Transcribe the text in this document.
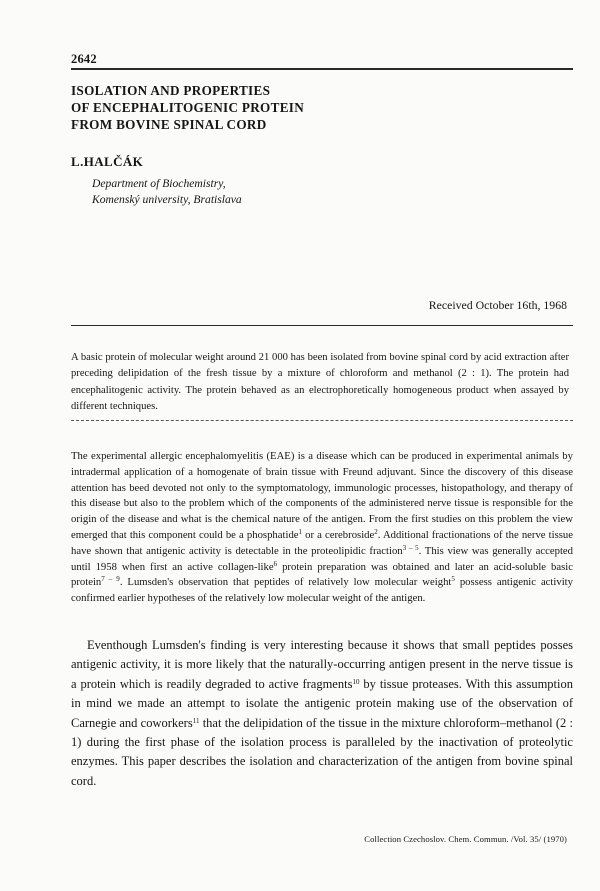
2642
ISOLATION AND PROPERTIES
OF ENCEPHALITOGENIC PROTEIN
FROM BOVINE SPINAL CORD
L.HALČÁK
Department of Biochemistry,
Komenský university, Bratislava
Received October 16th, 1968

A basic protein of molecular weight around 21 000 has been isolated from bovine spinal cord by acid extraction after preceding delipidation of the fresh tissue by a mixture of chloroform and methanol (2 : 1). The protein had encephalitogenic activity. The protein behaved as an electrophoretically homogeneous product when assayed by different techniques.

The experimental allergic encephalomyelitis (EAE) is a disease which can be produced in experimental animals by intradermal application of a homogenate of brain tissue with Freund adjuvant. Since the discovery of this disease attention has beed devoted not only to the symptomatology, immunologic processes, histopathology, and therapy of this disease but also to the problem which of the components of the administered nerve tissue is responsible for the origin of the disease and what is the chemical nature of the antigen. From the first studies on this problem the view emerged that this component could be a phosphatide$^1$ or a cerebroside$^2$. Additional fractionations of the nerve tissue have shown that antigenic activity is detectable in the proteolipidic fraction$^{3 - 5}$. This view was generally accepted until 1958 when first an active collagen-like$^6$ protein preparation was obtained and later an acid-soluble basic protein$^{7 - 9}$. Lumsden's observation that peptides of relatively low molecular weight$^5$ possess antigenic activity confirmed earlier hypotheses of the relatively low molecular weight of the antigen.

Eventhough Lumsden's finding is very interesting because it shows that small peptides posses antigenic activity, it is more likely that the naturally-occurring antigen present in the nerve tissue is a protein which is readily degraded to active fragments$^{10}$ by tissue proteases. With this assumption in mind we made an attempt to isolate the antigenic protein making use of the observation of Carnegie and coworkers$^{11}$ that the delipidation of the tissue in the mixture chloroform–methanol (2 : 1) during the first phase of the isolation process is paralleled by the inactivation of proteolytic enzymes. This paper describes the isolation and characterization of the antigen from bovine spinal cord.

Collection Czechoslov. Chem. Commun. /Vol. 35/ (1970)
